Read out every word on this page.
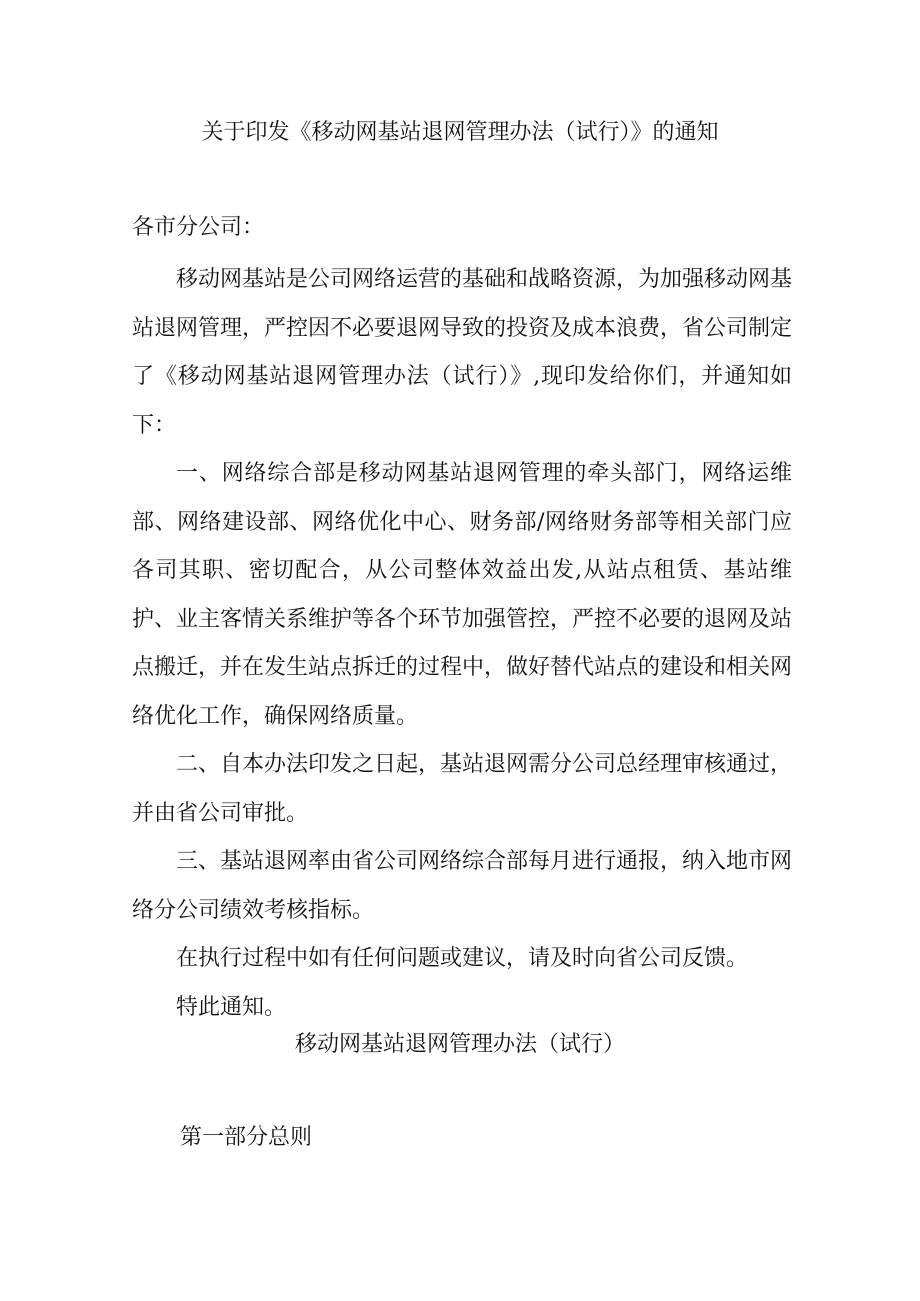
关于印发《移动网基站退网管理办法（试行）》的通知
各市分公司：

移动网基站是公司网络运营的基础和战略资源，为加强移动网基站退网管理，严控因不必要退网导致的投资及成本浪费，省公司制定了《移动网基站退网管理办法（试行）》,现印发给你们，并通知如下：

一、网络综合部是移动网基站退网管理的牵头部门，网络运维部、网络建设部、网络优化中心、财务部/网络财务部等相关部门应各司其职、密切配合，从公司整体效益出发,从站点租赁、基站维护、业主客情关系维护等各个环节加强管控，严控不必要的退网及站点搬迁，并在发生站点拆迁的过程中，做好替代站点的建设和相关网络优化工作，确保网络质量。

二、自本办法印发之日起，基站退网需分公司总经理审核通过，并由省公司审批。

三、基站退网率由省公司网络综合部每月进行通报，纳入地市网络分公司绩效考核指标。

在执行过程中如有任何问题或建议，请及时向省公司反馈。

特此通知。

移动网基站退网管理办法（试行）
第一部分总则
